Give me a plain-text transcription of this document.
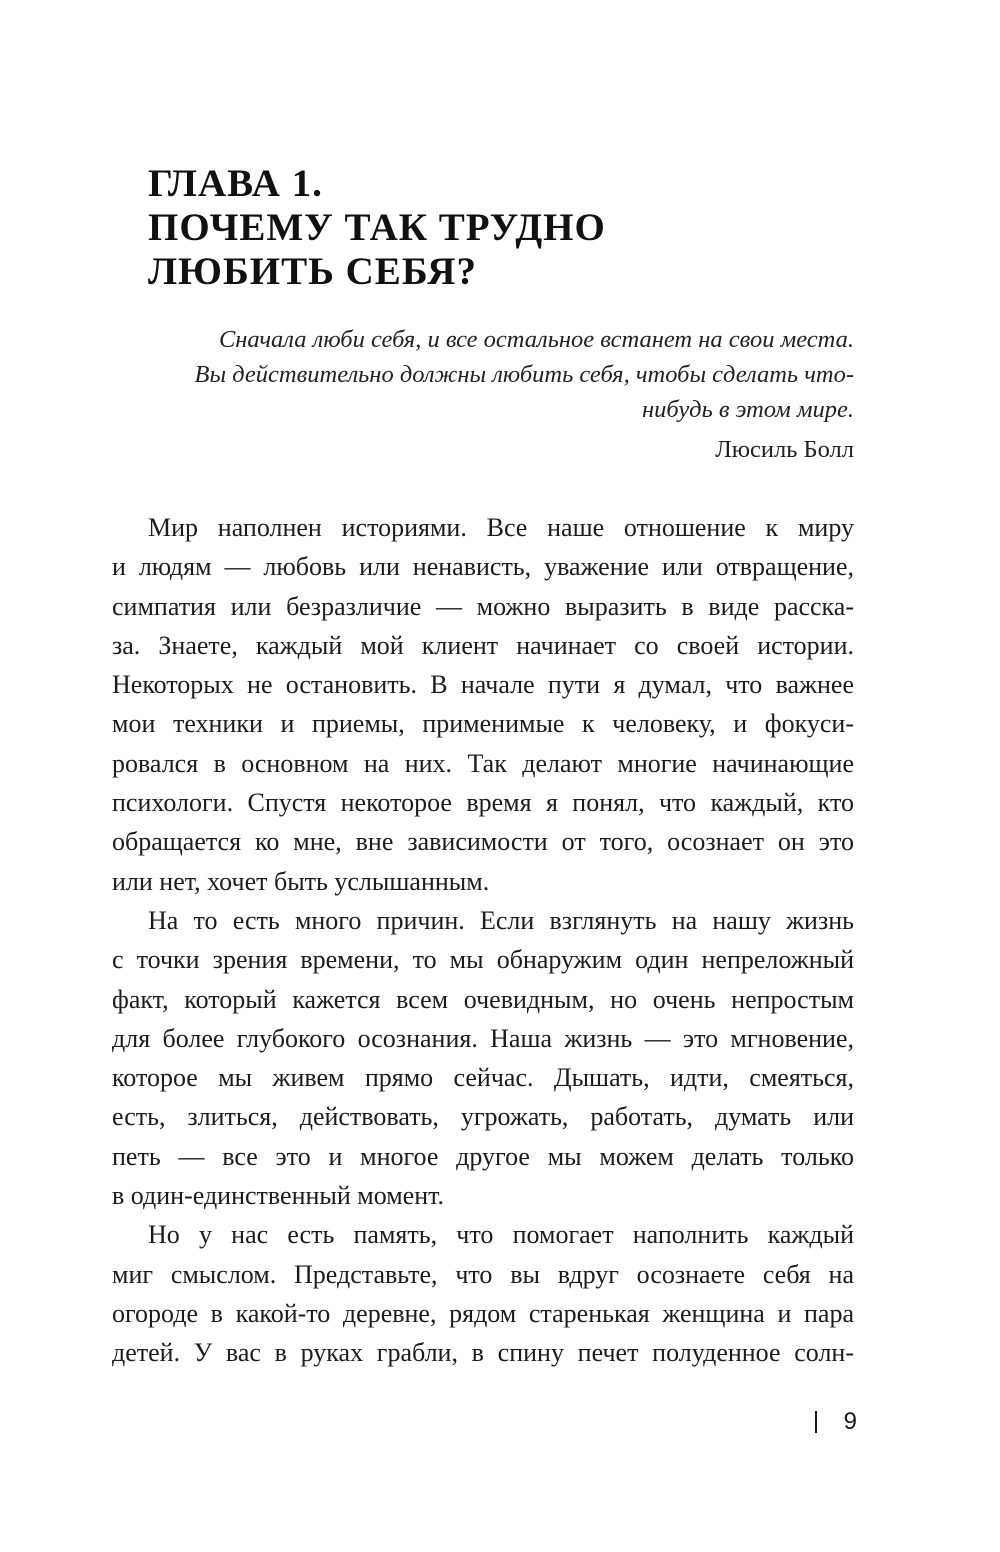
ГЛАВА 1.
ПОЧЕМУ ТАК ТРУДНО
ЛЮБИТЬ СЕБЯ?
Сначала люби себя, и все остальное встанет на свои места.
Вы действительно должны любить себя, чтобы сделать что-
нибудь в этом мире.
Люсиль Болл
Мир наполнен историями. Все наше отношение к миру
и людям — любовь или ненависть, уважение или отвращение,
симпатия или безразличие — можно выразить в виде расска-
за. Знаете, каждый мой клиент начинает со своей истории.
Некоторых не остановить. В начале пути я думал, что важнее
мои техники и приемы, применимые к человеку, и фокуси-
ровался в основном на них. Так делают многие начинающие
психологи. Спустя некоторое время я понял, что каждый, кто
обращается ко мне, вне зависимости от того, осознает он это
или нет, хочет быть услышанным.
На то есть много причин. Если взглянуть на нашу жизнь
с точки зрения времени, то мы обнаружим один непреложный
факт, который кажется всем очевидным, но очень непростым
для более глубокого осознания. Наша жизнь — это мгновение,
которое мы живем прямо сейчас. Дышать, идти, смеяться,
есть, злиться, действовать, угрожать, работать, думать или
петь — все это и многое другое мы можем делать только
в один-единственный момент.
Но у нас есть память, что помогает наполнить каждый
миг смыслом. Представьте, что вы вдруг осознаете себя на
огороде в какой-то деревне, рядом старенькая женщина и пара
детей. У вас в руках грабли, в спину печет полуденное солн-
9
